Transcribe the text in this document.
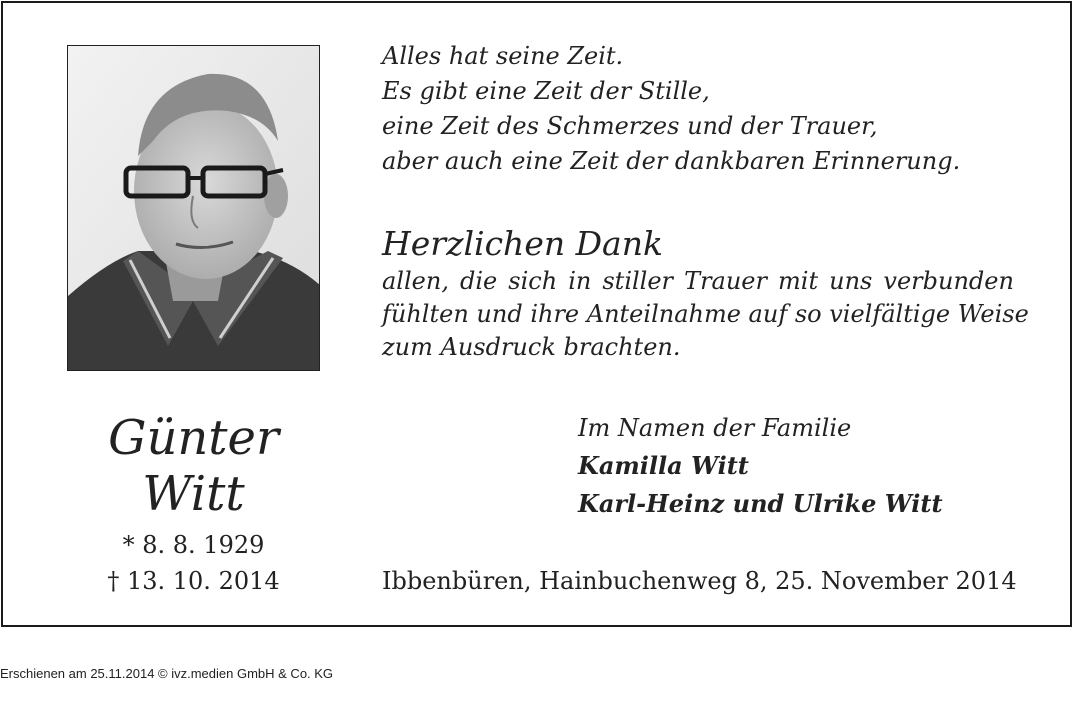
Alles hat seine Zeit.
Es gibt eine Zeit der Stille,
eine Zeit des Schmerzes und der Trauer,
aber auch eine Zeit der dankbaren Erinnerung.
Herzlichen Dank
allen, die sich in stiller Trauer mit uns verbunden
fühlten und ihre Anteilnahme auf so vielfältige Weise
zum Ausdruck brachten.
Günter
Witt
* 8. 8. 1929
† 13. 10. 2014
Im Namen der Familie
Kamilla Witt
Karl-Heinz und Ulrike Witt
Ibbenbüren, Hainbuchenweg 8, 25. November 2014
Erschienen am 25.11.2014 © ivz.medien GmbH & Co. KG
